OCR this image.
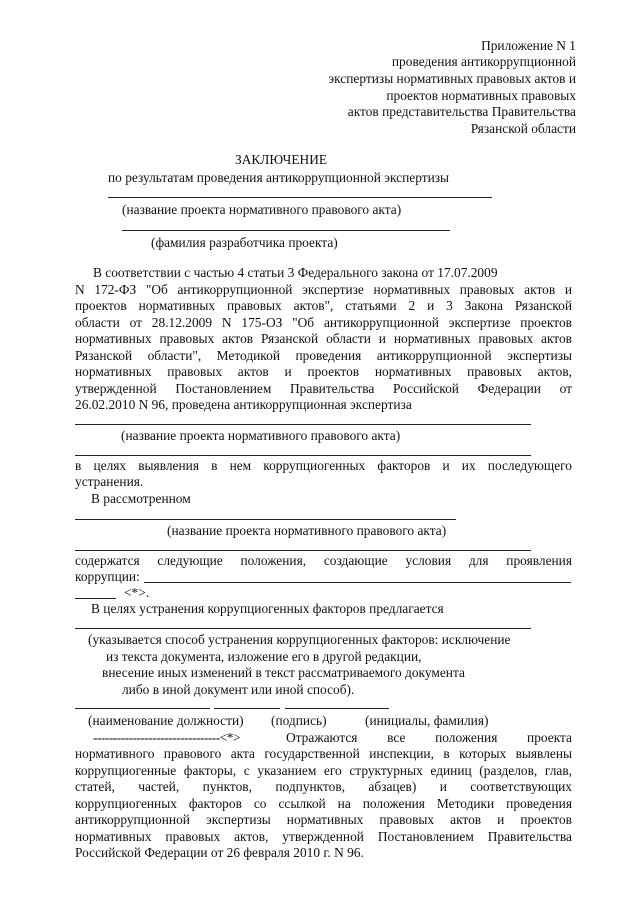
Приложение N 1
проведения антикоррупционной
экспертизы нормативных правовых актов и
проектов нормативных правовых
актов представительства Правительства
Рязанской области
ЗАКЛЮЧЕНИЕ
по результатам проведения антикоррупционной экспертизы
(название проекта нормативного правового акта)
(фамилия разработчика проекта)
В соответствии с частью 4 статьи 3 Федерального закона от 17.07.2009
N 172-ФЗ "Об антикоррупционной экспертизе нормативных правовых актов и
проектов нормативных правовых актов", статьями 2 и 3 Закона Рязанской
области от 28.12.2009 N 175-ОЗ "Об антикоррупционной экспертизе проектов
нормативных правовых актов Рязанской области и нормативных правовых актов
Рязанской области", Методикой проведения антикоррупционной экспертизы
нормативных правовых актов и проектов нормативных правовых актов,
утвержденной Постановлением Правительства Российской Федерации от
26.02.2010 N 96, проведена антикоррупционная экспертиза
(название проекта нормативного правового акта)
в целях выявления в нем коррупциогенных факторов и их последующего
устранения.
В рассмотренном
(название проекта нормативного правового акта)
содержатся следующие положения, создающие условия для проявления
коррупции:
<*>.
В целях устранения коррупциогенных факторов предлагается
(указывается способ устранения коррупциогенных факторов: исключение
из текста документа, изложение его в другой редакции,
внесение иных изменений в текст рассматриваемого документа
либо в иной документ или иной способ).
(наименование должности) (подпись)	(инициалы, фамилия)
--------------------------------<*>	Отражаются все положения проекта
нормативного правового акта государственной инспекции, в которых выявлены
коррупциогенные факторы, с указанием его структурных единиц (разделов, глав,
статей, частей, пунктов, подпунктов, абзацев) и соответствующих
коррупциогенных факторов со ссылкой на положения Методики проведения
антикоррупционной экспертизы нормативных правовых актов и проектов
нормативных правовых актов, утвержденной Постановлением Правительства
Российской Федерации от 26 февраля 2010 г. N 96.
